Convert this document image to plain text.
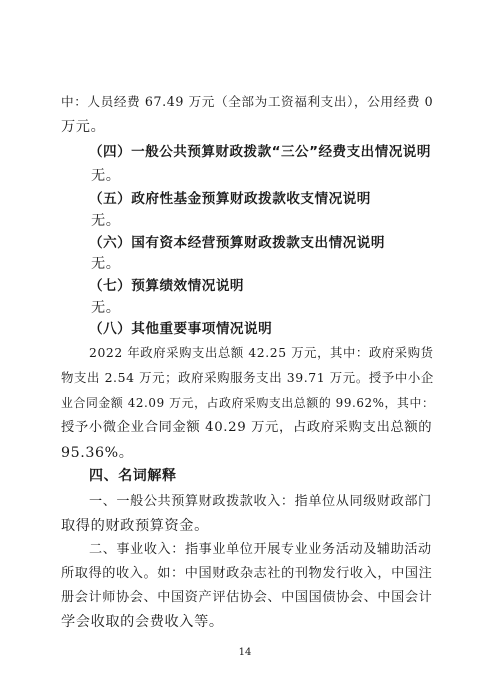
中：人员经费 67.49 万元（全部为工资福利支出），公用经费 0
万元。
（四）一般公共预算财政拨款“三公”经费支出情况说明
无。
（五）政府性基金预算财政拨款收支情况说明
无。
（六）国有资本经营预算财政拨款支出情况说明
无。
（七）预算绩效情况说明
无。
（八）其他重要事项情况说明
2022 年政府采购支出总额 42.25 万元，其中：政府采购货
物支出 2.54 万元；政府采购服务支出 39.71 万元。授予中小企
业合同金额 42.09 万元，占政府采购支出总额的 99.62%，其中：
授予小微企业合同金额 40.29 万元，占政府采购支出总额的
95.36%。
四、名词解释
一、一般公共预算财政拨款收入：指单位从同级财政部门
取得的财政预算资金。
二、事业收入：指事业单位开展专业业务活动及辅助活动
所取得的收入。如：中国财政杂志社的刊物发行收入，中国注
册会计师协会、中国资产评估协会、中国国债协会、中国会计
学会收取的会费收入等。
14
